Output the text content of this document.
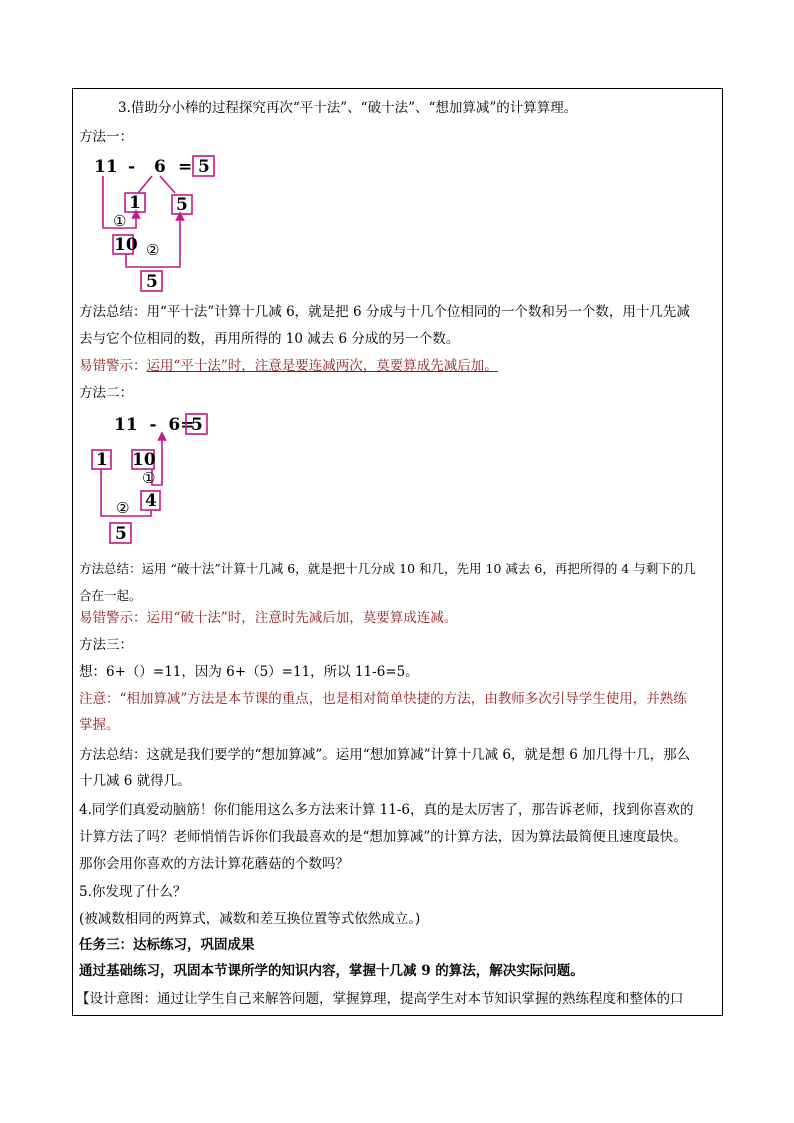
3.借助分小棒的过程探究再次“平十法”、“破十法”、“想加算减”的计算算理。
方法一：
11 - 6 = 5
1 5
①
10 ②
5
方法总结：用“平十法”计算十几减 6，就是把 6 分成与十几个位相同的一个数和另一个数，用十几先减
去与它个位相同的数，再用所得的 10 减去 6 分成的另一个数。
易错警示：运用“平十法”时，注意是要连减两次，莫要算成先减后加。
方法二：
11  -  6=
5
1 10
①
4
②
5
方法总结：运用 “破十法”计算十几减 6，就是把十几分成 10 和几，先用 10 减去 6，再把所得的 4 与剩下的几
合在一起。
易错警示：运用“破十法”时，注意时先减后加，莫要算成连减。
方法三：
想：6+（）=11，因为 6+（5）=11，所以 11-6=5。
注意：“相加算减”方法是本节课的重点，也是相对简单快捷的方法，由教师多次引导学生使用，并熟练
掌握。
方法总结：这就是我们要学的“想加算减”。运用“想加算减”计算十几减 6，就是想 6 加几得十几，那么
十几减 6 就得几。
4.同学们真爱动脑筋！你们能用这么多方法来计算 11-6，真的是太厉害了，那告诉老师，找到你喜欢的
计算方法了吗？老师悄悄告诉你们我最喜欢的是“想加算减”的计算方法，因为算法最简便且速度最快。
那你会用你喜欢的方法计算花蘑菇的个数吗？
5.你发现了什么？
(被减数相同的两算式，减数和差互换位置等式依然成立。)
任务三：达标练习，巩固成果
通过基础练习，巩固本节课所学的知识内容，掌握十几减 9 的算法，解决实际问题。
【设计意图：通过让学生自己来解答问题，掌握算理，提高学生对本节知识掌握的熟练程度和整体的口
